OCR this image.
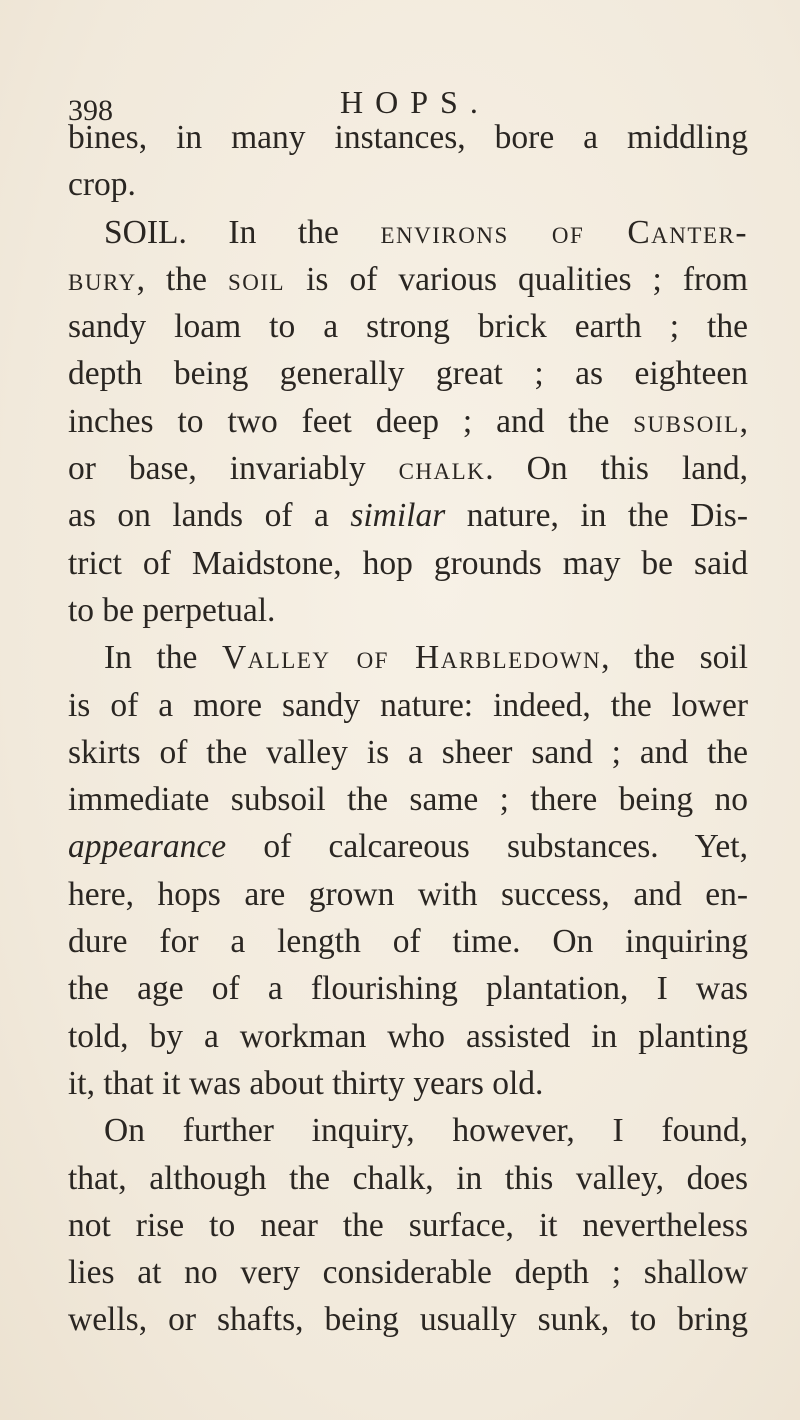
398	HOPS.
bines, in many instances, bore a middling
crop.
SOIL. In the environs of Canter-
bury, the soil is of various qualities ; from
sandy loam to a strong brick earth ; the
depth being generally great ; as eighteen
inches to two feet deep ; and the subsoil,
or base, invariably chalk. On this land,
as on lands of a similar nature, in the Dis-
trict of Maidstone, hop grounds may be said
to be perpetual.
In the Valley of Harbledown, the soil
is of a more sandy nature: indeed, the lower
skirts of the valley is a sheer sand ; and the
immediate subsoil the same ; there being no
appearance of calcareous substances. Yet,
here, hops are grown with success, and en-
dure for a length of time. On inquiring
the age of a flourishing plantation, I was
told, by a workman who assisted in planting
it, that it was about thirty years old.
On further inquiry, however, I found,
that, although the chalk, in this valley, does
not rise to near the surface, it nevertheless
lies at no very considerable depth ; shallow
wells, or shafts, being usually sunk, to bring
